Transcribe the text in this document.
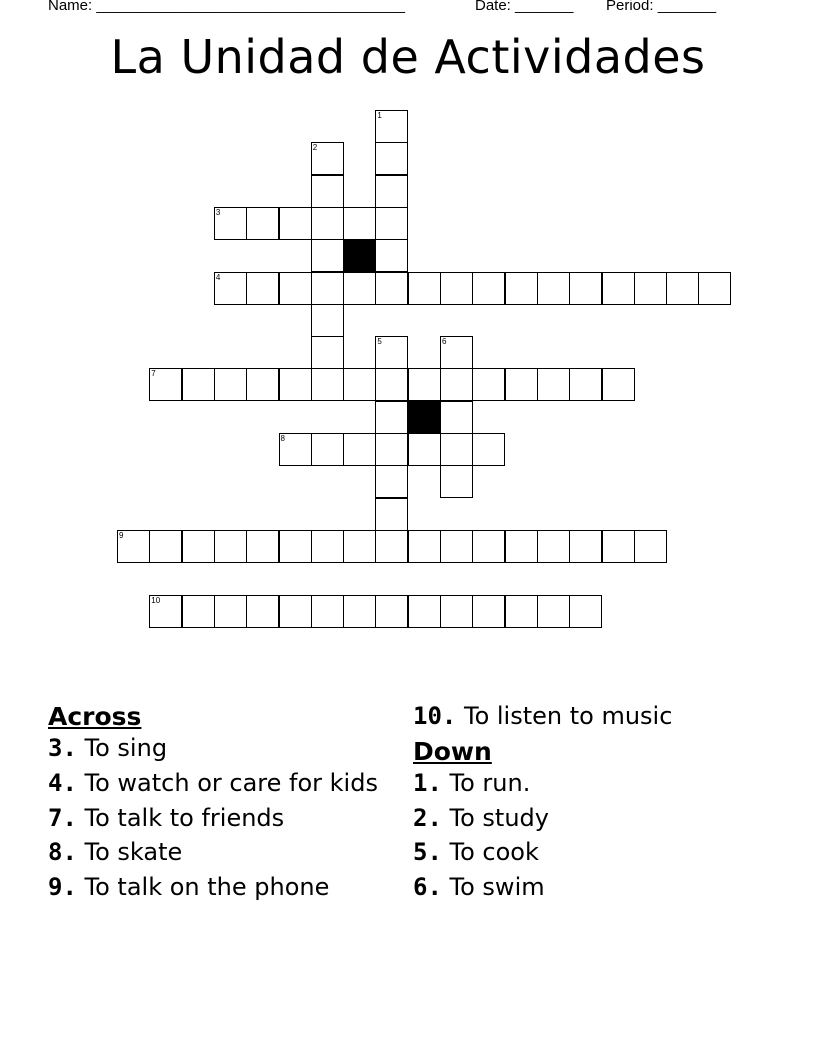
Name: _____________________________________	Date: _______ Period: _______
La Unidad de Actividades
1
2
3
4
5	6
7
8
9
10
Across
3. To sing
4. To watch or care for kids
7. To talk to friends
8. To skate
9. To talk on the phone
10. To listen to music
Down
1. To run.
2. To study
5. To cook
6. To swim
